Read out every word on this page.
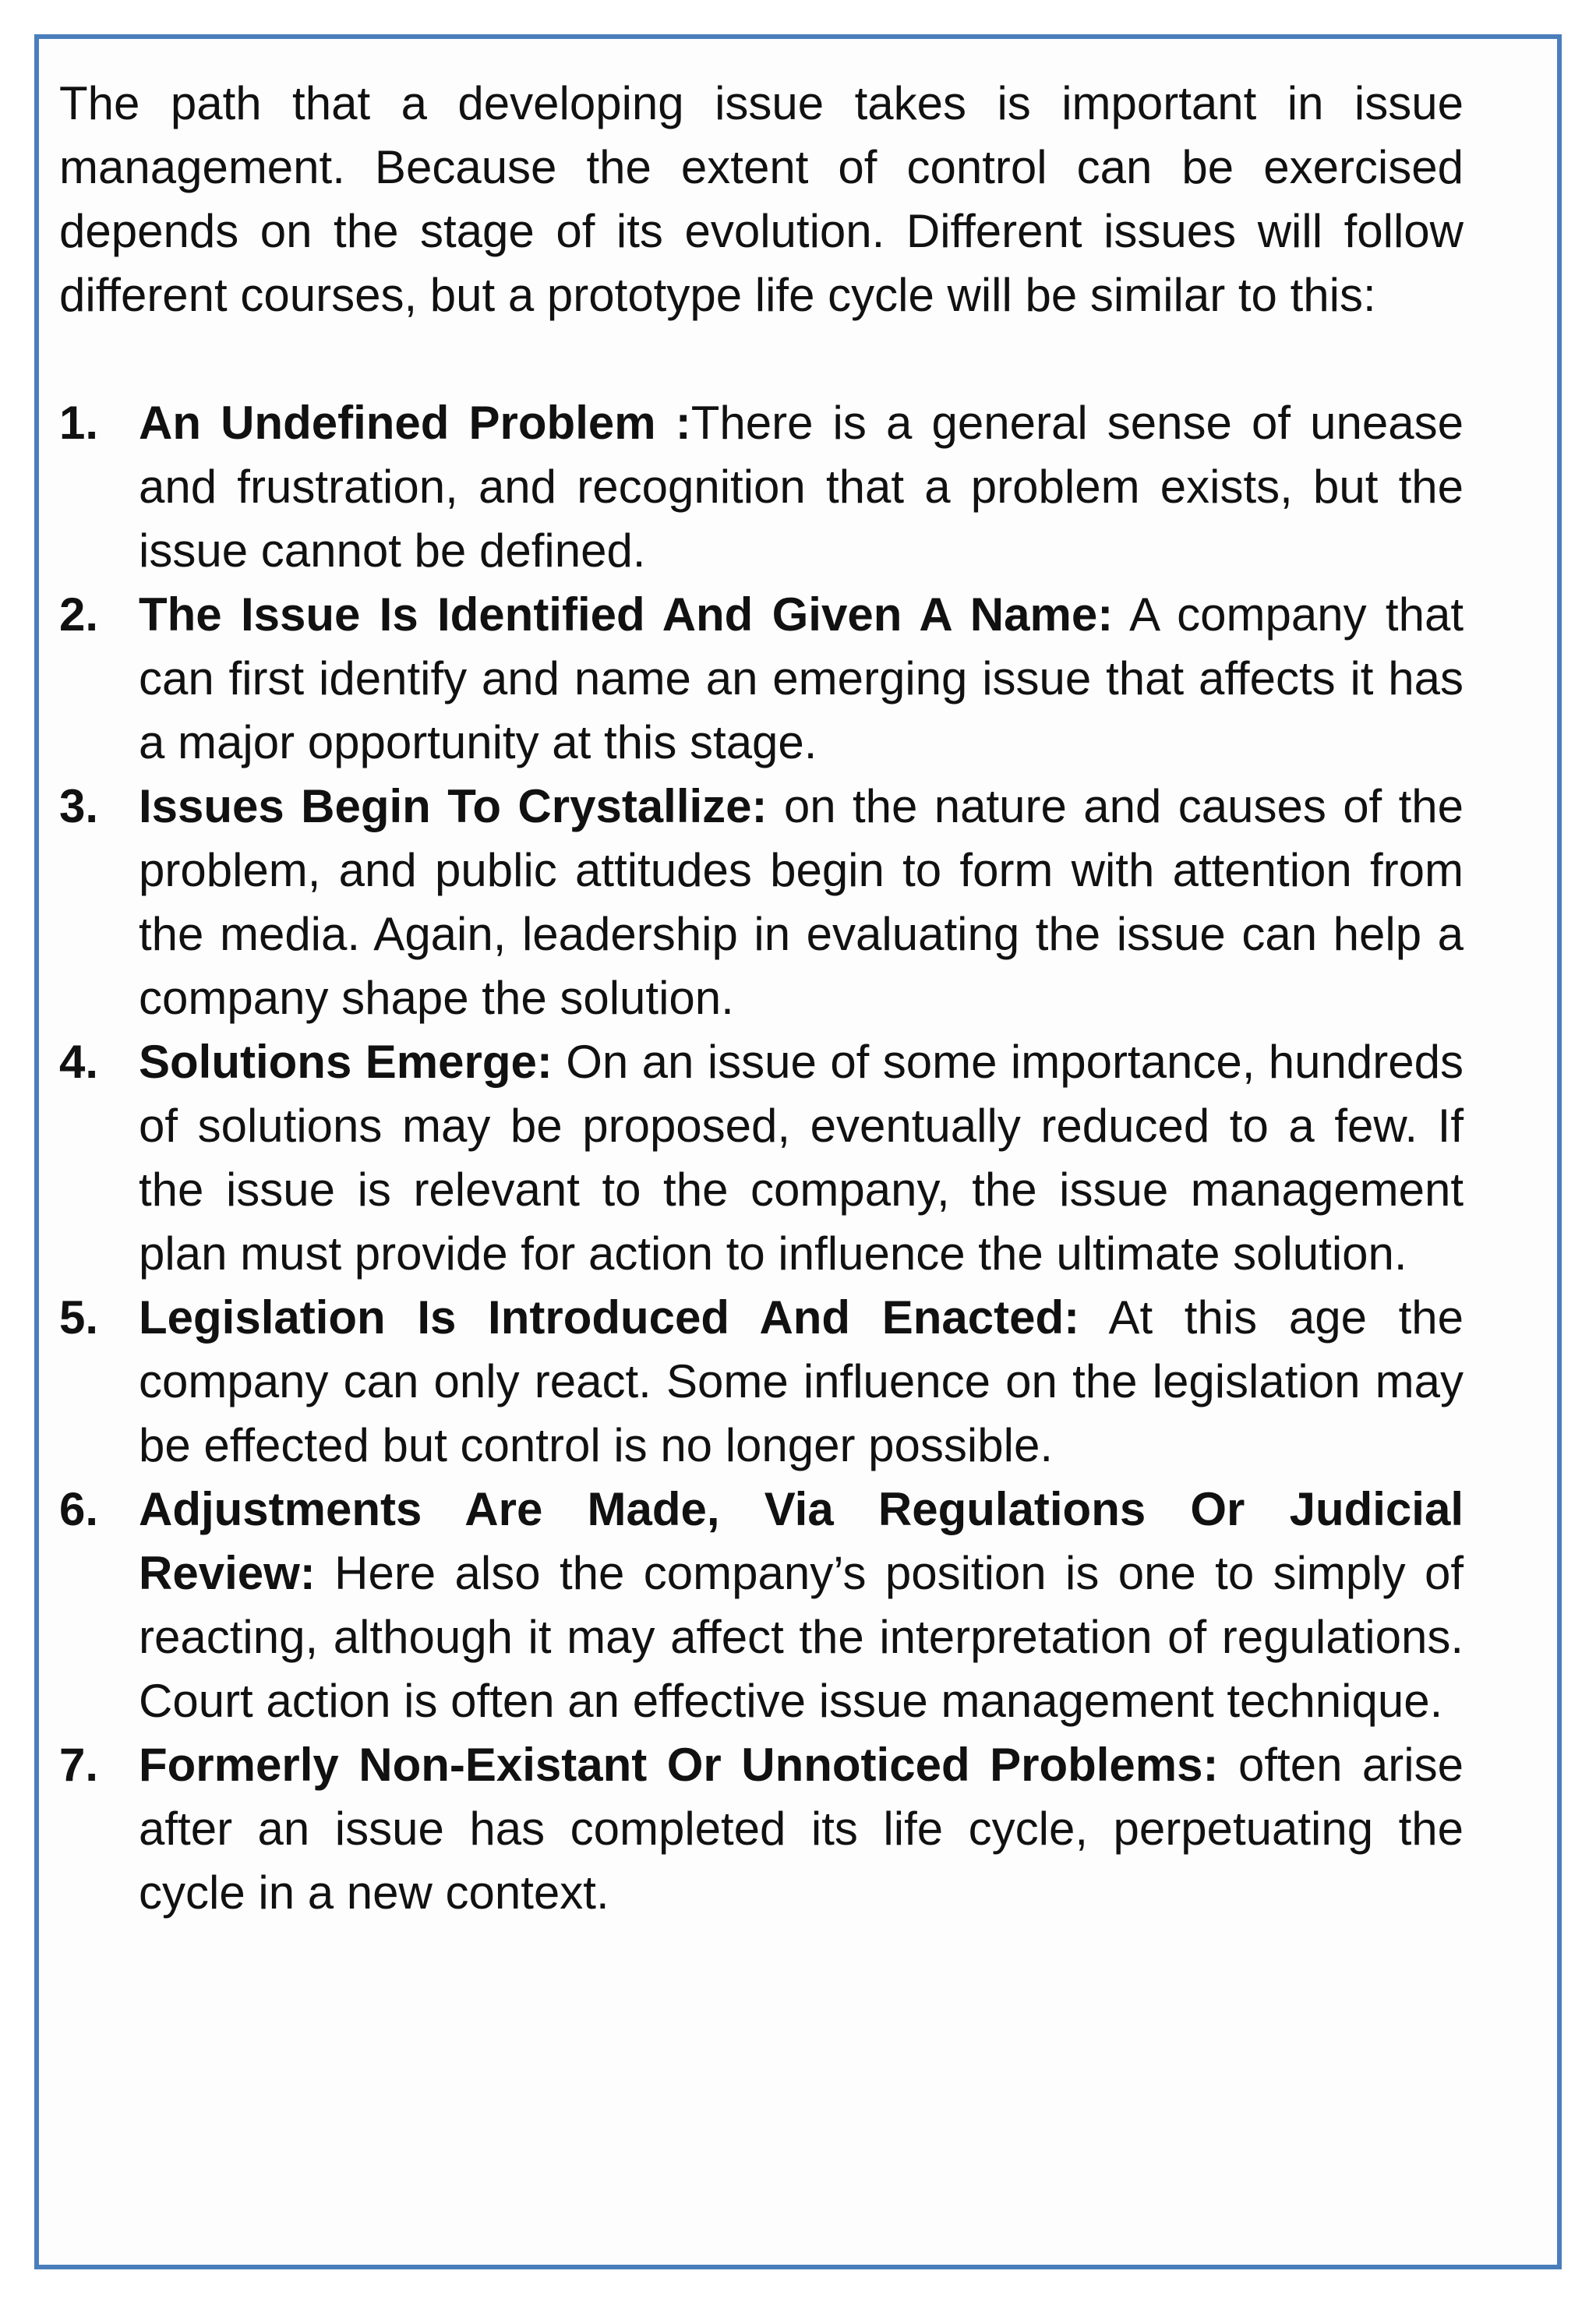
The path that a developing issue takes is important in issue management. Because the extent of control can be exercised depends on the stage of its evolution. Different issues will follow different courses, but a prototype life cycle will be similar to this:

1. An Undefined Problem :There is a general sense of unease and frustration, and recognition that a problem exists, but the issue cannot be defined.
2. The Issue Is Identified And Given A Name: A company that can first identify and name an emerging issue that affects it has a major opportunity at this stage.
3. Issues Begin To Crystallize: on the nature and causes of the problem, and public attitudes begin to form with attention from the media. Again, leadership in evaluating the issue can help a company shape the solution.
4. Solutions Emerge: On an issue of some importance, hundreds of solutions may be proposed, eventually reduced to a few. If the issue is relevant to the company, the issue management plan must provide for action to influence the ultimate solution.
5. Legislation Is Introduced And Enacted: At this age the company can only react. Some influence on the legislation may be effected but control is no longer possible.
6. Adjustments Are Made, Via Regulations Or Judicial Review: Here also the company’s position is one to simply of reacting, although it may affect the interpretation of regulations. Court action is often an effective issue management technique.
7. Formerly Non-Existant Or Unnoticed Problems: often arise after an issue has completed its life cycle, perpetuating the cycle in a new context.
